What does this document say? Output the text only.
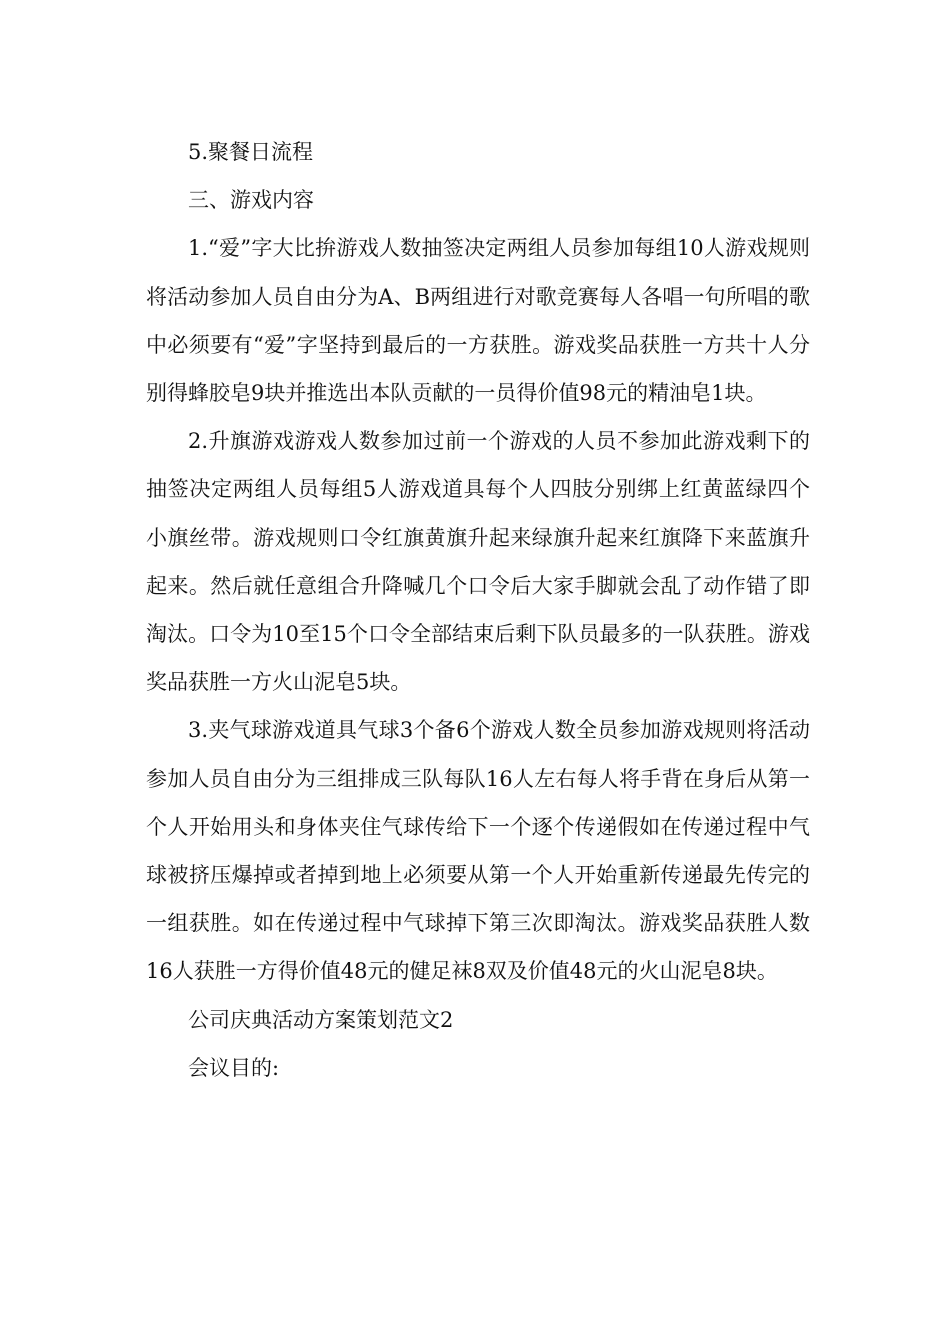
5.聚餐日流程

三、游戏内容

1.“爱”字大比拚游戏人数抽签决定两组人员参加每组10人游戏规则将活动参加人员自由分为A、B两组进行对歌竞赛每人各唱一句所唱的歌中必须要有“爱”字坚持到最后的一方获胜。游戏奖品获胜一方共十人分别得蜂胶皂9块并推选出本队贡献的一员得价值98元的精油皂1块。

2.升旗游戏游戏人数参加过前一个游戏的人员不参加此游戏剩下的抽签决定两组人员每组5人游戏道具每个人四肢分别绑上红黄蓝绿四个小旗丝带。游戏规则口令红旗黄旗升起来绿旗升起来红旗降下来蓝旗升起来。然后就任意组合升降喊几个口令后大家手脚就会乱了动作错了即淘汰。口令为10至15个口令全部结束后剩下队员最多的一队获胜。游戏奖品获胜一方火山泥皂5块。

3.夹气球游戏道具气球3个备6个游戏人数全员参加游戏规则将活动参加人员自由分为三组排成三队每队16人左右每人将手背在身后从第一个人开始用头和身体夹住气球传给下一个逐个传递假如在传递过程中气球被挤压爆掉或者掉到地上必须要从第一个人开始重新传递最先传完的一组获胜。如在传递过程中气球掉下第三次即淘汰。游戏奖品获胜人数16人获胜一方得价值48元的健足袜8双及价值48元的火山泥皂8块。

公司庆典活动方案策划范文2

会议目的:
